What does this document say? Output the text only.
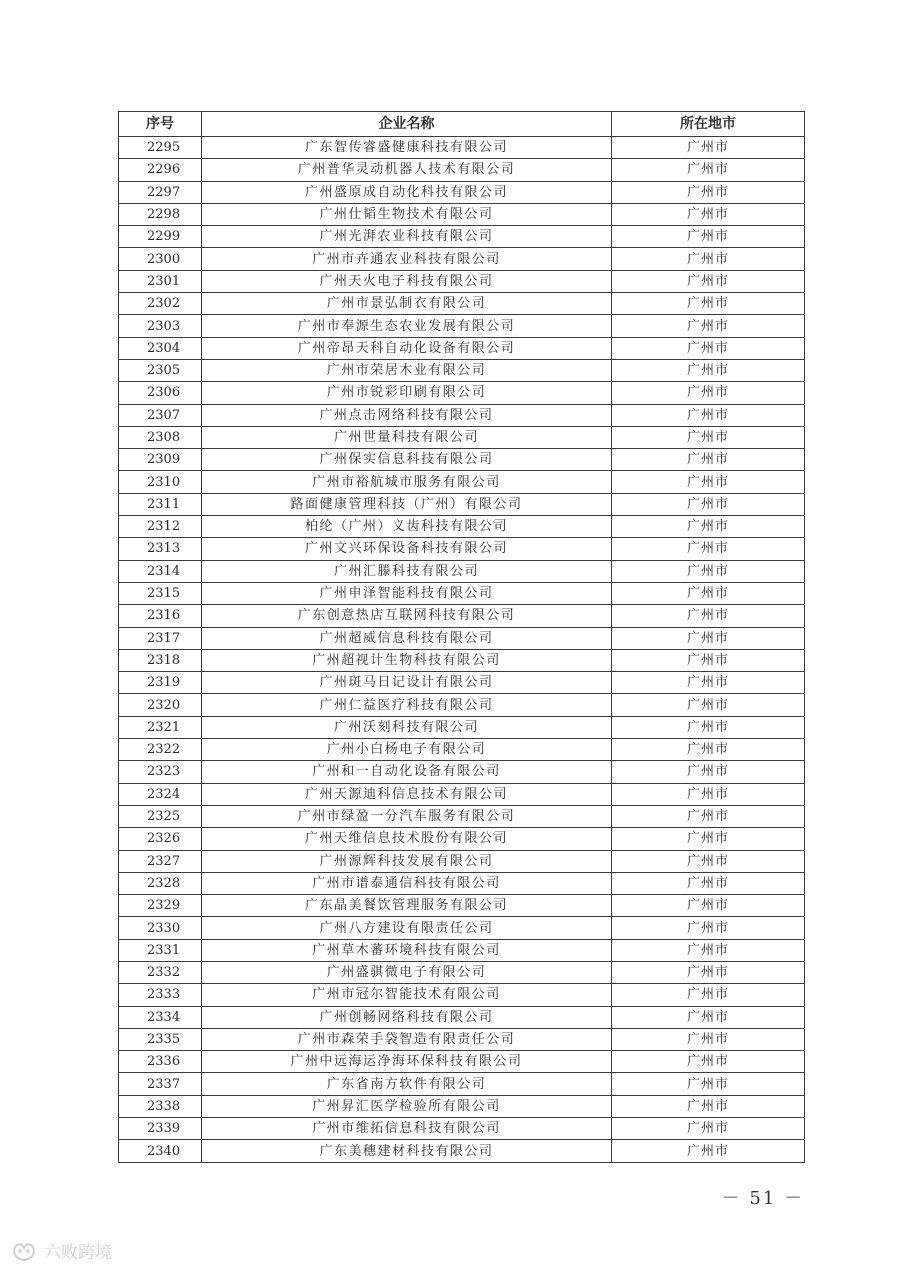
序号	企业名称	所在地市
2295	广东智传睿盛健康科技有限公司	广州市
2296	广州普华灵动机器人技术有限公司	广州市
2297	广州盛原成自动化科技有限公司	广州市
2298	广州仕韬生物技术有限公司	广州市
2299	广州光湃农业科技有限公司	广州市
2300	广州市卉通农业科技有限公司	广州市
2301	广州天火电子科技有限公司	广州市
2302	广州市景弘制衣有限公司	广州市
2303	广州市奉源生态农业发展有限公司	广州市
2304	广州帝昂天科自动化设备有限公司	广州市
2305	广州市荣居木业有限公司	广州市
2306	广州市锐彩印刷有限公司	广州市
2307	广州点击网络科技有限公司	广州市
2308	广州世量科技有限公司	广州市
2309	广州保实信息科技有限公司	广州市
2310	广州市裕航城市服务有限公司	广州市
2311	路面健康管理科技（广州）有限公司	广州市
2312	柏纶（广州）义齿科技有限公司	广州市
2313	广州文兴环保设备科技有限公司	广州市
2314	广州汇滕科技有限公司	广州市
2315	广州申泽智能科技有限公司	广州市
2316	广东创意热店互联网科技有限公司	广州市
2317	广州超威信息科技有限公司	广州市
2318	广州超视计生物科技有限公司	广州市
2319	广州斑马日记设计有限公司	广州市
2320	广州仁益医疗科技有限公司	广州市
2321	广州沃刻科技有限公司	广州市
2322	广州小白杨电子有限公司	广州市
2323	广州和一自动化设备有限公司	广州市
2324	广州天源迪科信息技术有限公司	广州市
2325	广州市绿盈一分汽车服务有限公司	广州市
2326	广州天维信息技术股份有限公司	广州市
2327	广州源辉科技发展有限公司	广州市
2328	广州市谱泰通信科技有限公司	广州市
2329	广东晶美餐饮管理服务有限公司	广州市
2330	广州八方建设有限责任公司	广州市
2331	广州草木蕃环境科技有限公司	广州市
2332	广州盛骐微电子有限公司	广州市
2333	广州市冠尔智能技术有限公司	广州市
2334	广州创畅网络科技有限公司	广州市
2335	广州市森荣手袋智造有限责任公司	广州市
2336	广州中远海运净海环保科技有限公司	广州市
2337	广东省南方软件有限公司	广州市
2338	广州昇汇医学检验所有限公司	广州市
2339	广州市维拓信息科技有限公司	广州市
2340	广东美穗建材科技有限公司	广州市
－ 51 －
六败跨境
